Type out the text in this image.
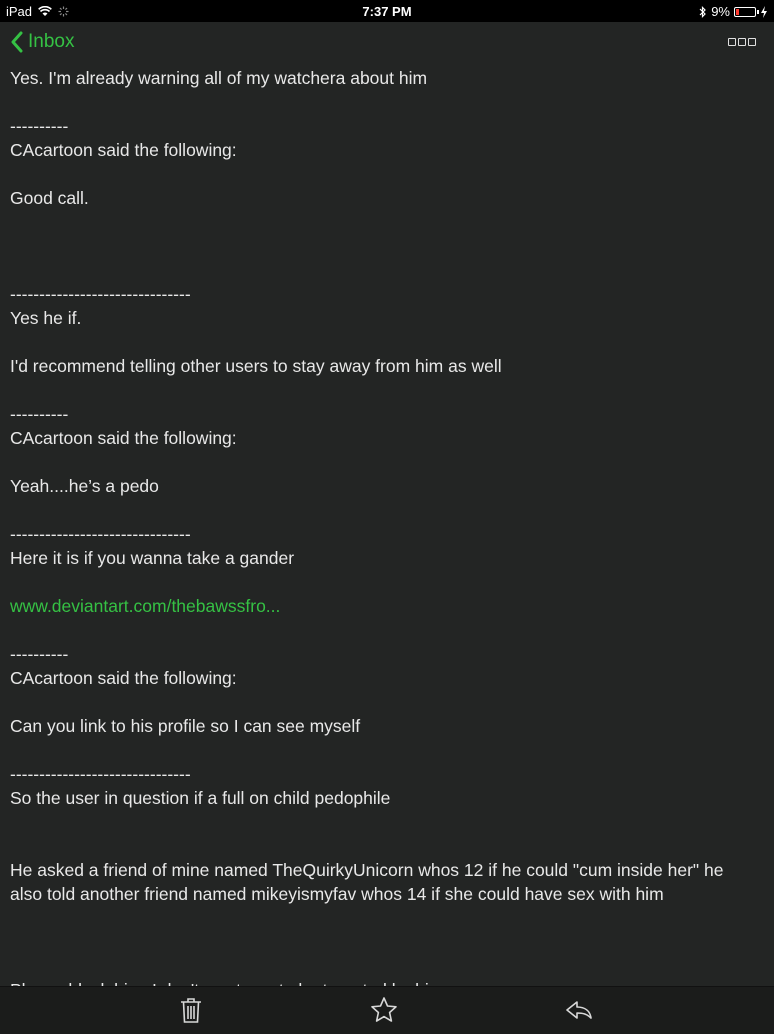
iPad	7:37 PM	9%
Inbox
Yes. I'm already warning all of my watchera about him
----------
CAcartoon said the following:
Good call.
-------------------------------
Yes he if.
I'd recommend telling other users to stay away from him as well
----------
CAcartoon said the following:
Yeah....he’s a pedo
-------------------------------
Here it is if you wanna take a gander
www.deviantart.com/thebawssfro...
----------
CAcartoon said the following:
Can you link to his profile so I can see myself
-------------------------------
So the user in question if a full on child pedophile
He asked a friend of mine named TheQuirkyUnicorn whos 12 if he could "cum inside her" he
also told another friend named mikeyismyfav whos 14 if she could have sex with him
